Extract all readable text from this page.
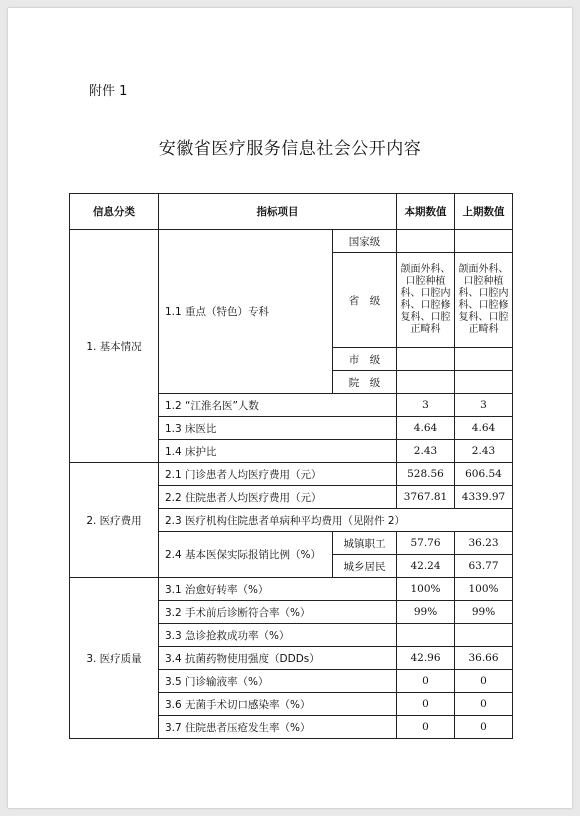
附件 1
安徽省医疗服务信息社会公开内容
信息分类	指标项目		本期数值	上期数值
1. 基本情况	1.1 重点（特色）专科	国家级		
		省　级	颌面外科、口腔种植科、口腔内科、口腔修复科、口腔正畸科	颌面外科、口腔种植科、口腔内科、口腔修复科、口腔正畸科
		市　级		
		院　级		
	1.2 “江淮名医”人数		3	3
	1.3 床医比		4.64	4.64
	1.4 床护比		2.43	2.43
2. 医疗费用	2.1 门诊患者人均医疗费用（元）		528.56	606.54
	2.2 住院患者人均医疗费用（元）		3767.81	4339.97
	2.3 医疗机构住院患者单病种平均费用（见附件 2）			
	2.4 基本医保实际报销比例（%）	城镇职工	57.76	36.23
		城乡居民	42.24	63.77
3. 医疗质量	3.1 治愈好转率（%）		100%	100%
	3.2 手术前后诊断符合率（%）		99%	99%
	3.3 急诊抢救成功率（%）			
	3.4 抗菌药物使用强度（DDDs）		42.96	36.66
	3.5 门诊输液率（%）		0	0
	3.6 无菌手术切口感染率（%）		0	0
	3.7 住院患者压疮发生率（%）		0	0
